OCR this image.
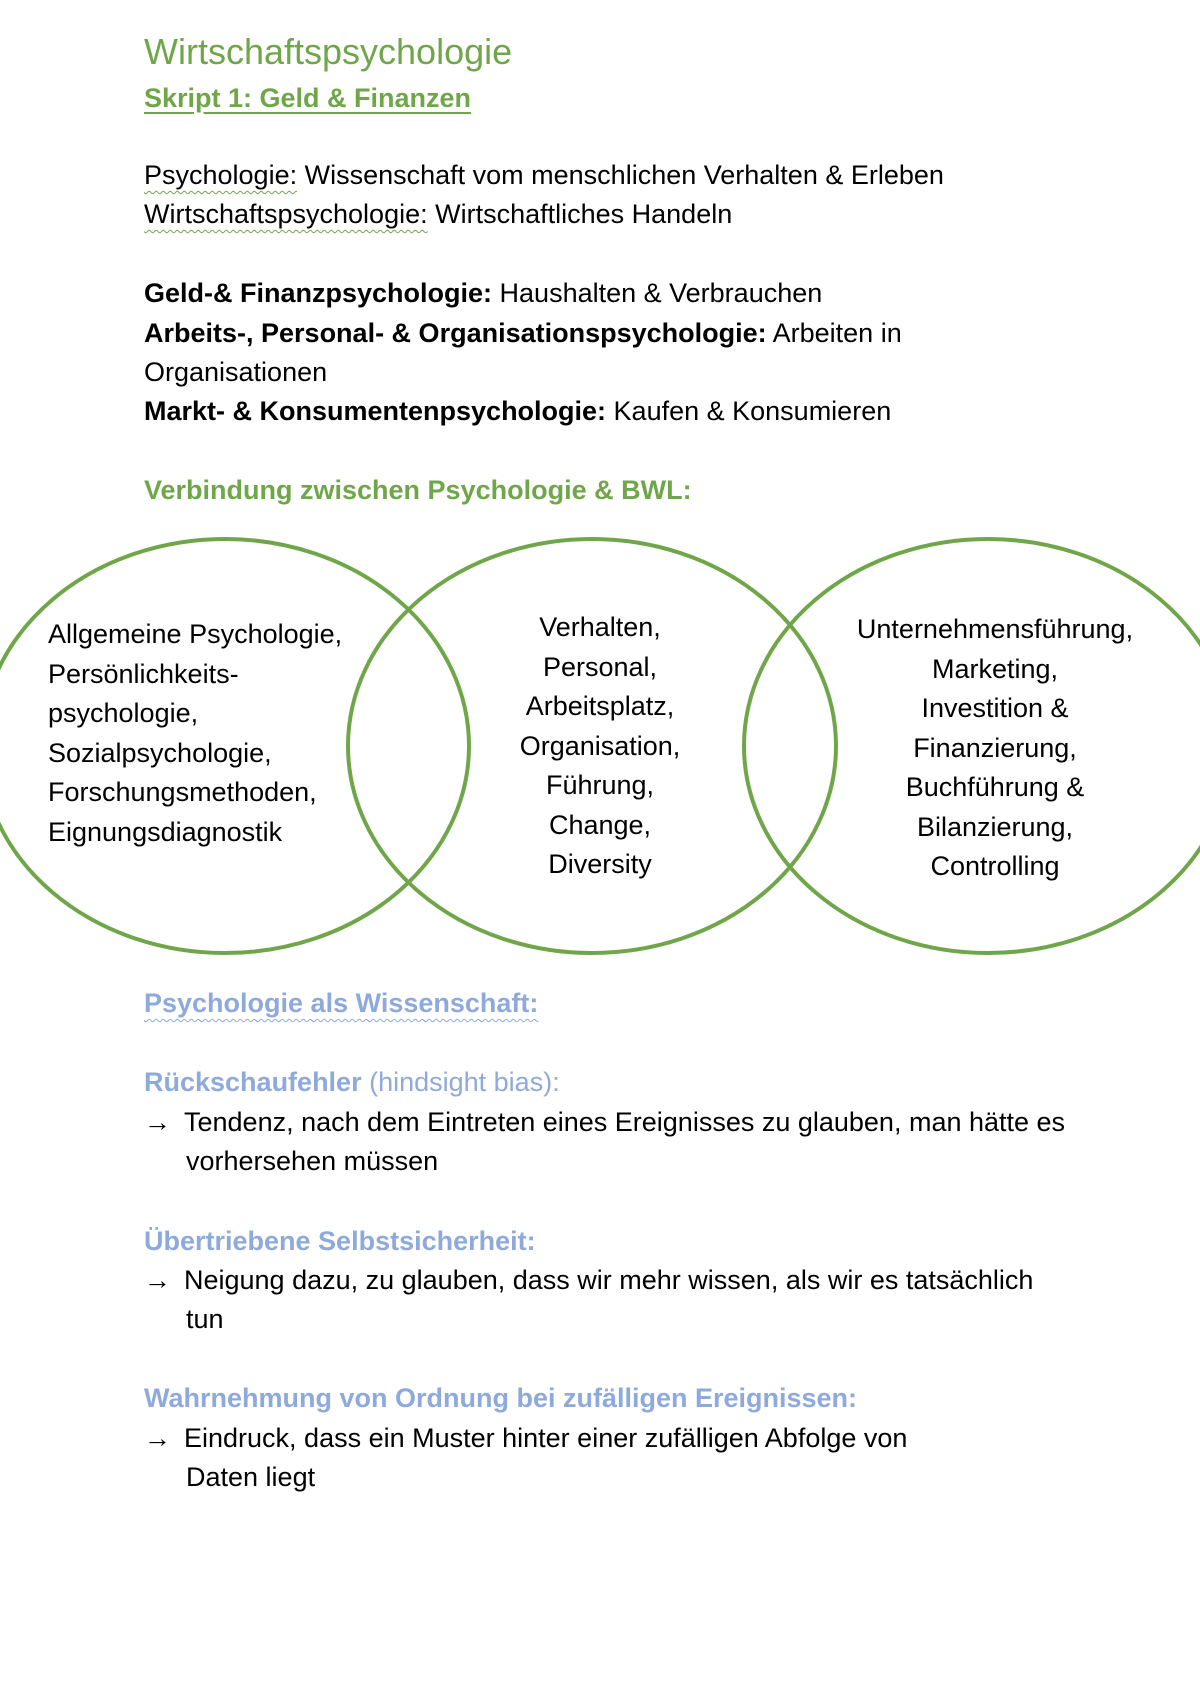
Wirtschaftspsychologie
Skript 1: Geld & Finanzen
Psychologie: Wissenschaft vom menschlichen Verhalten & Erleben
Wirtschaftspsychologie: Wirtschaftliches Handeln
Geld-& Finanzpsychologie: Haushalten & Verbrauchen
Arbeits-, Personal- & Organisationspsychologie: Arbeiten in
Organisationen
Markt- & Konsumentenpsychologie: Kaufen & Konsumieren
Verbindung zwischen Psychologie & BWL:
Allgemeine Psychologie,
Persönlichkeits-
psychologie,
Sozialpsychologie,
Forschungsmethoden,
Eignungsdiagnostik
Verhalten,
Personal,
Arbeitsplatz,
Organisation,
Führung,
Change,
Diversity
Unternehmensführung,
Marketing,
Investition &
Finanzierung,
Buchführung &
Bilanzierung,
Controlling
Psychologie als Wissenschaft:
Rückschaufehler (hindsight bias):
→ Tendenz, nach dem Eintreten eines Ereignisses zu glauben, man hätte es
vorhersehen müssen
Übertriebene Selbstsicherheit:
→ Neigung dazu, zu glauben, dass wir mehr wissen, als wir es tatsächlich
tun
Wahrnehmung von Ordnung bei zufälligen Ereignissen:
→ Eindruck, dass ein Muster hinter einer zufälligen Abfolge von
Daten liegt
